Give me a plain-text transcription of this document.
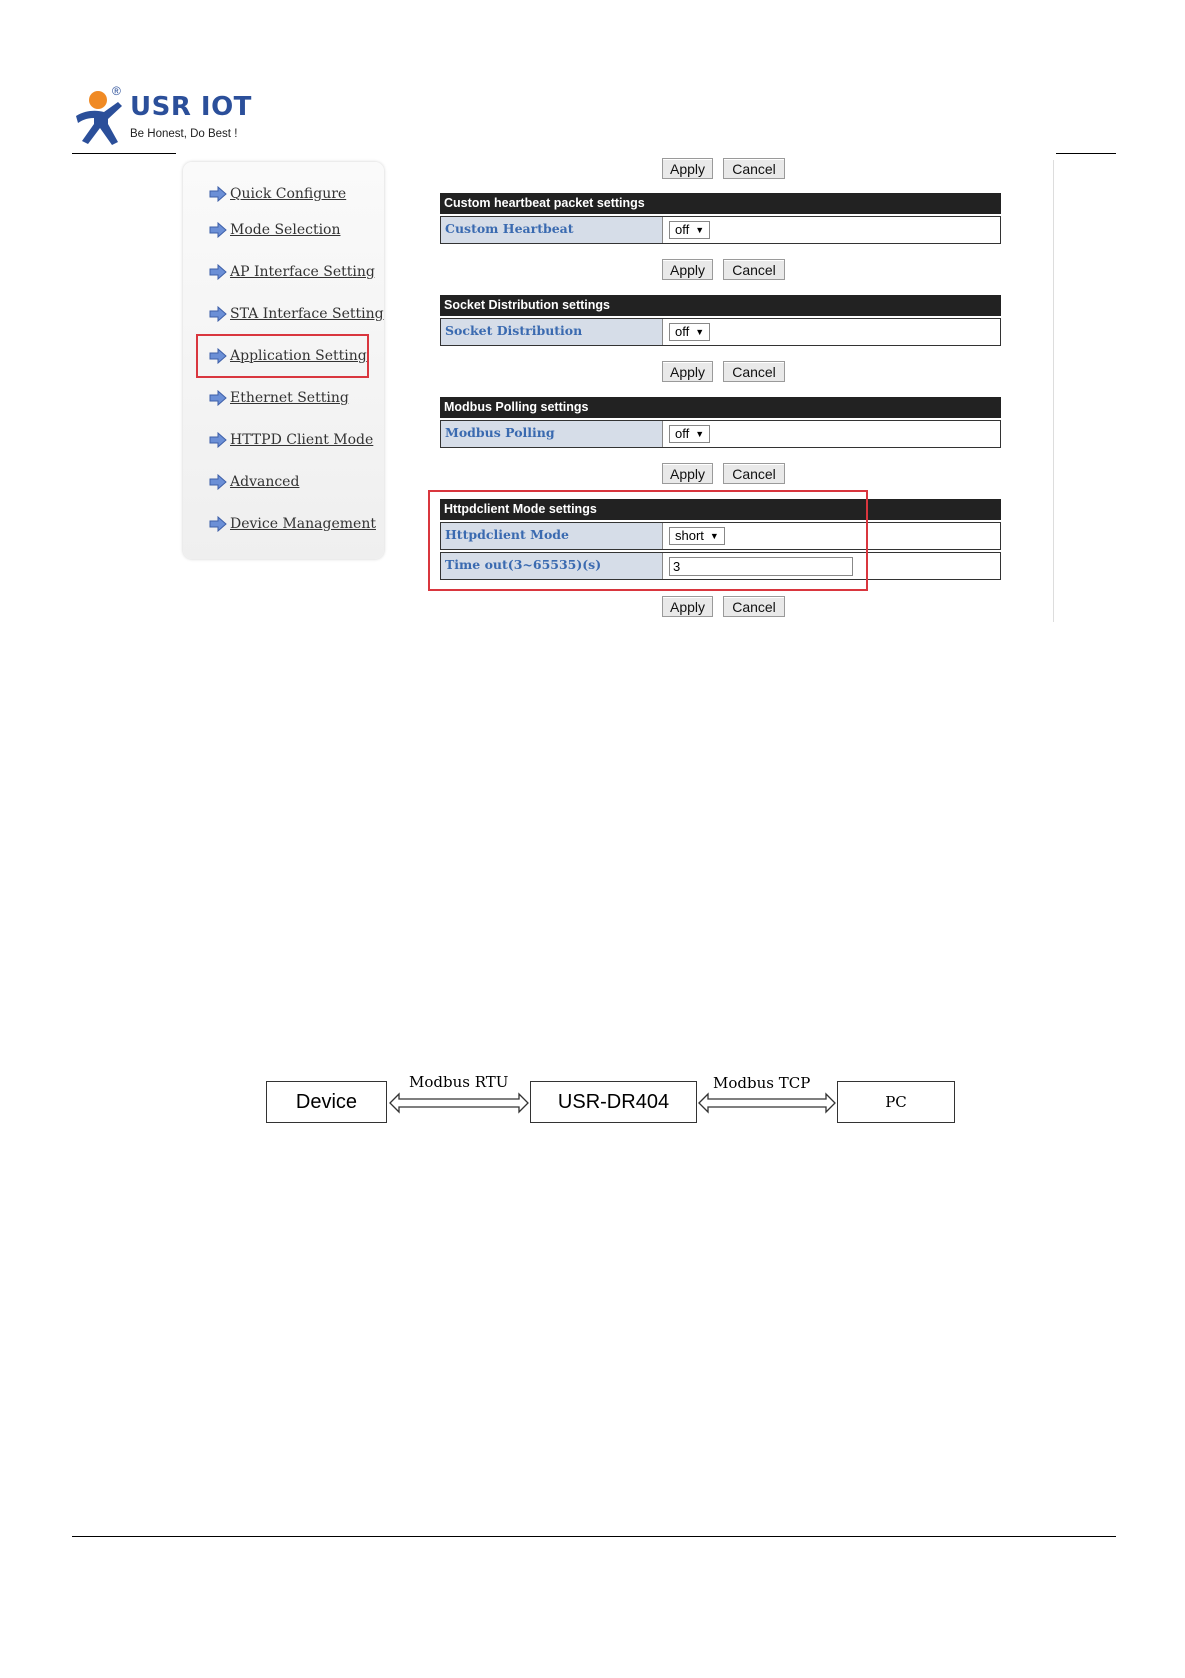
®
USR IOT
Be Honest, Do Best !
Quick Configure
Mode Selection
AP Interface Setting
STA Interface Setting
Application Setting
Ethernet Setting
HTTPD Client Mode
Advanced
Device Management
Apply	Cancel
Custom heartbeat packet settings
Custom Heartbeat	off ▼
Apply	Cancel
Socket Distribution settings
Socket Distribution	off ▼
Apply	Cancel
Modbus Polling settings
Modbus Polling	off ▼
Apply	Cancel
Httpdclient Mode settings
Httpdclient Mode	short ▼
Time out(3~65535)(s)	3
Apply	Cancel
Device
Modbus RTU
USR-DR404
Modbus TCP
PC
